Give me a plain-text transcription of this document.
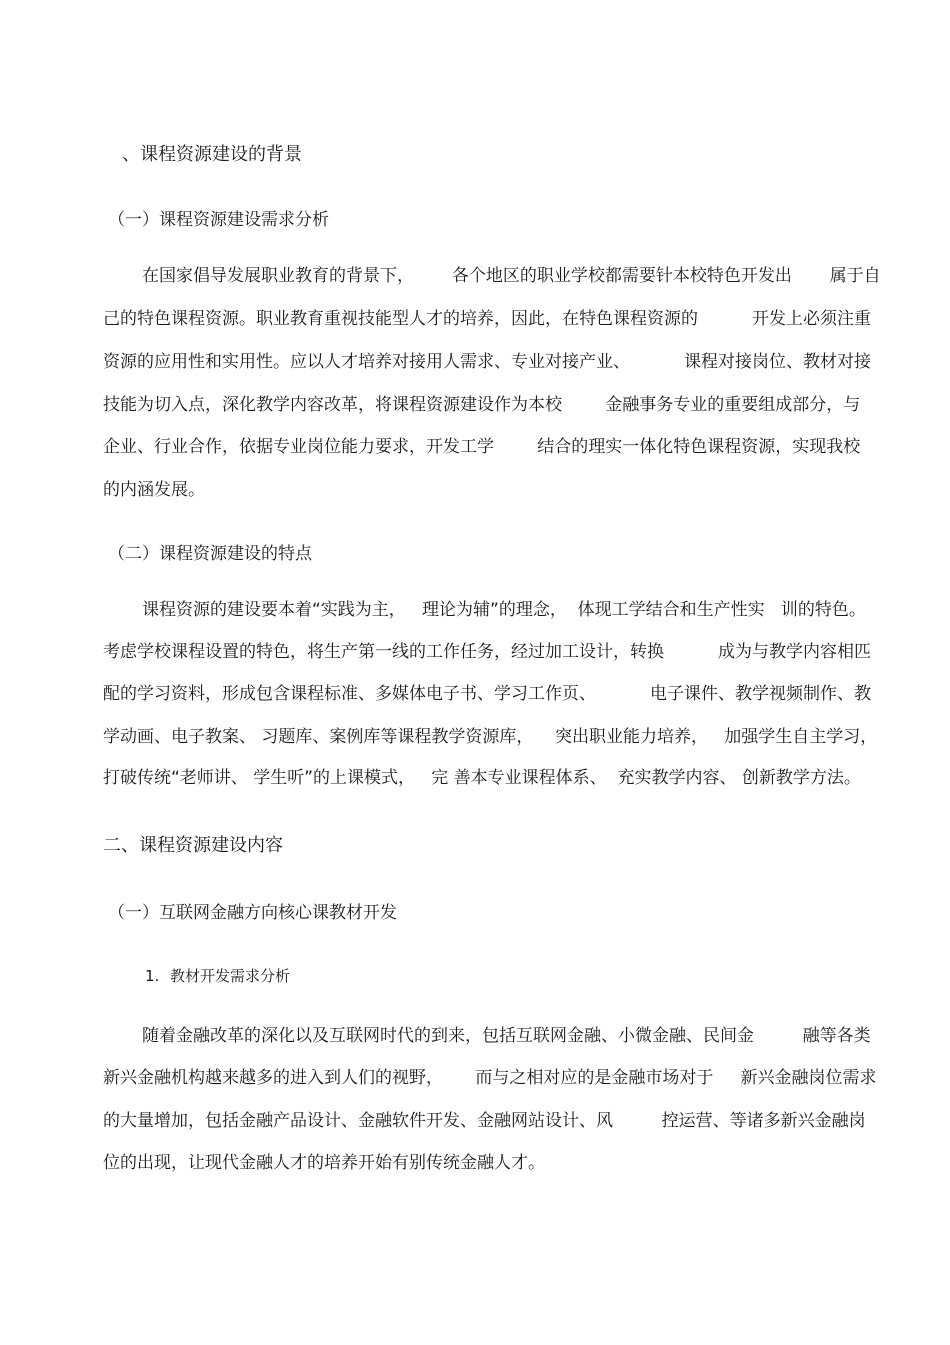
、课程资源建设的背景
（一）课程资源建设需求分析
在国家倡导发展职业教育的背景下，       各个地区的职业学校都需要针本校特色开发出       属于自
己的特色课程资源。职业教育重视技能型人才的培养，因此，在特色课程资源的          开发上必须注重
资源的应用性和实用性。应以人才培养对接用人需求、专业对接产业、          课程对接岗位、教材对接
技能为切入点，深化教学内容改革，将课程资源建设作为本校        金融事务专业的重要组成部分，与
企业、行业合作，依据专业岗位能力要求，开发工学        结合的理实一体化特色课程资源，实现我校
的内涵发展。
（二）课程资源建设的特点
课程资源的建设要本着“实践为主，   理论为辅”的理念，  体现工学结合和生产性实   训的特色。
考虑学校课程设置的特色，将生产第一线的工作任务，经过加工设计，转换          成为与教学内容相匹
配的学习资料，形成包含课程标准、多媒体电子书、学习工作页、          电子课件、教学视频制作、教
学动画、电子教案、 习题库、案例库等课程教学资源库，    突出职业能力培养，   加强学生自主学习，
打破传统“老师讲、 学生听”的上课模式，   完 善本专业课程体系、  充实教学内容、 创新教学方法。
二、课程资源建设内容
（一）互联网金融方向核心课教材开发
1. 教材开发需求分析
随着金融改革的深化以及互联网时代的到来，包括互联网金融、小微金融、民间金         融等各类
新兴金融机构越来越多的进入到人们的视野，      而与之相对应的是金融市场对于     新兴金融岗位需求
的大量增加，包括金融产品设计、金融软件开发、金融网站设计、风         控运营、等诸多新兴金融岗
位的出现，让现代金融人才的培养开始有别传统金融人才。
